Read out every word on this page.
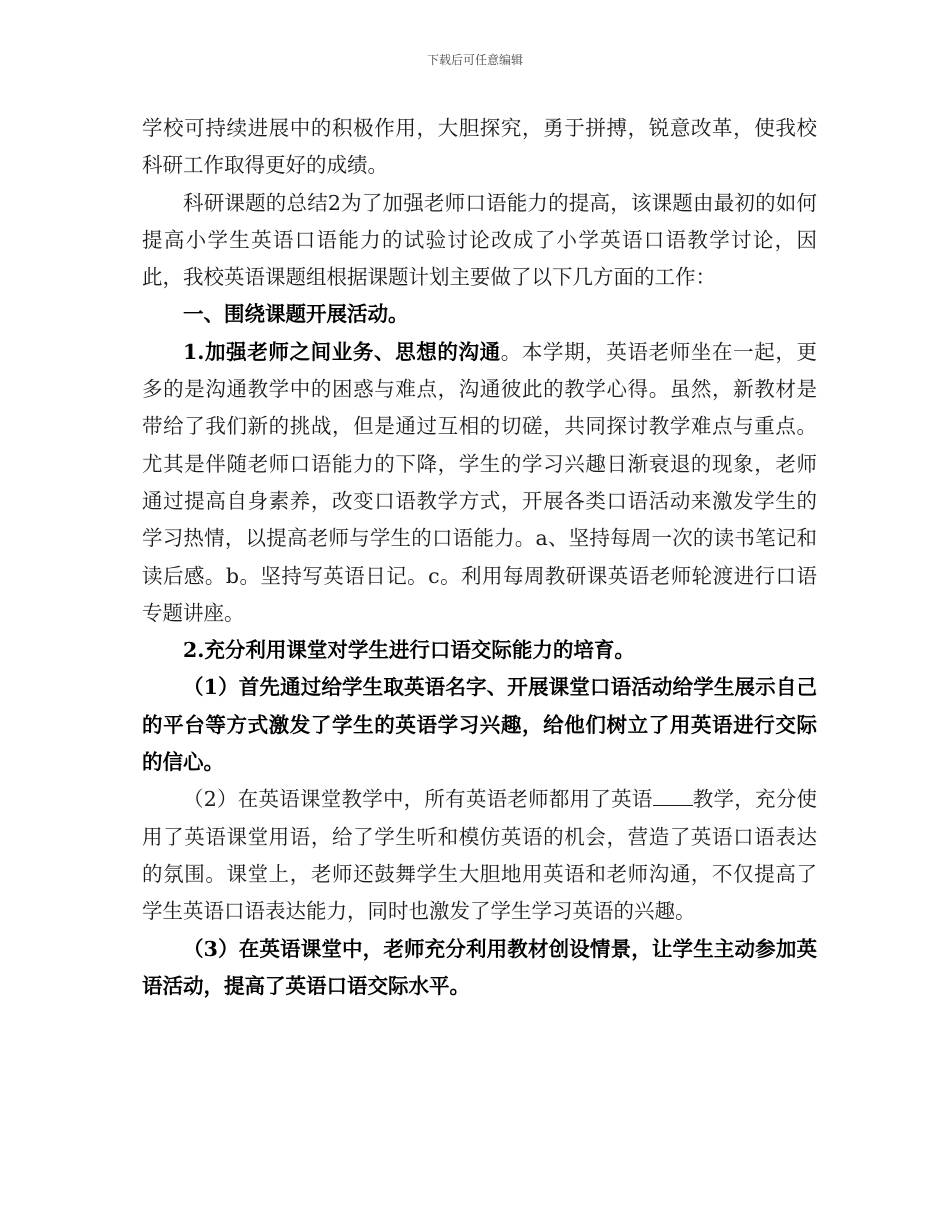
下载后可任意编辑

学校可持续进展中的积极作用，大胆探究，勇于拼搏，锐意改革，使我校科研工作取得更好的成绩。

科研课题的总结2为了加强老师口语能力的提高，该课题由最初的如何提高小学生英语口语能力的试验讨论改成了小学英语口语教学讨论，因此，我校英语课题组根据课题计划主要做了以下几方面的工作：

一、围绕课题开展活动。

1.加强老师之间业务、思想的沟通。本学期，英语老师坐在一起，更多的是沟通教学中的困惑与难点，沟通彼此的教学心得。虽然，新教材是带给了我们新的挑战，但是通过互相的切磋，共同探讨教学难点与重点。尤其是伴随老师口语能力的下降，学生的学习兴趣日渐衰退的现象，老师通过提高自身素养，改变口语教学方式，开展各类口语活动来激发学生的学习热情，以提高老师与学生的口语能力。a、坚持每周一次的读书笔记和读后感。b。坚持写英语日记。c。利用每周教研课英语老师轮渡进行口语专题讲座。

2.充分利用课堂对学生进行口语交际能力的培育。

（1）首先通过给学生取英语名字、开展课堂口语活动给学生展示自己的平台等方式激发了学生的英语学习兴趣，给他们树立了用英语进行交际的信心。

（2）在英语课堂教学中，所有英语老师都用了英语 教学，充分使用了英语课堂用语，给了学生听和模仿英语的机会，营造了英语口语表达的氛围。课堂上，老师还鼓舞学生大胆地用英语和老师沟通，不仅提高了学生英语口语表达能力，同时也激发了学生学习英语的兴趣。

（3）在英语课堂中，老师充分利用教材创设情景，让学生主动参加英语活动，提高了英语口语交际水平。
